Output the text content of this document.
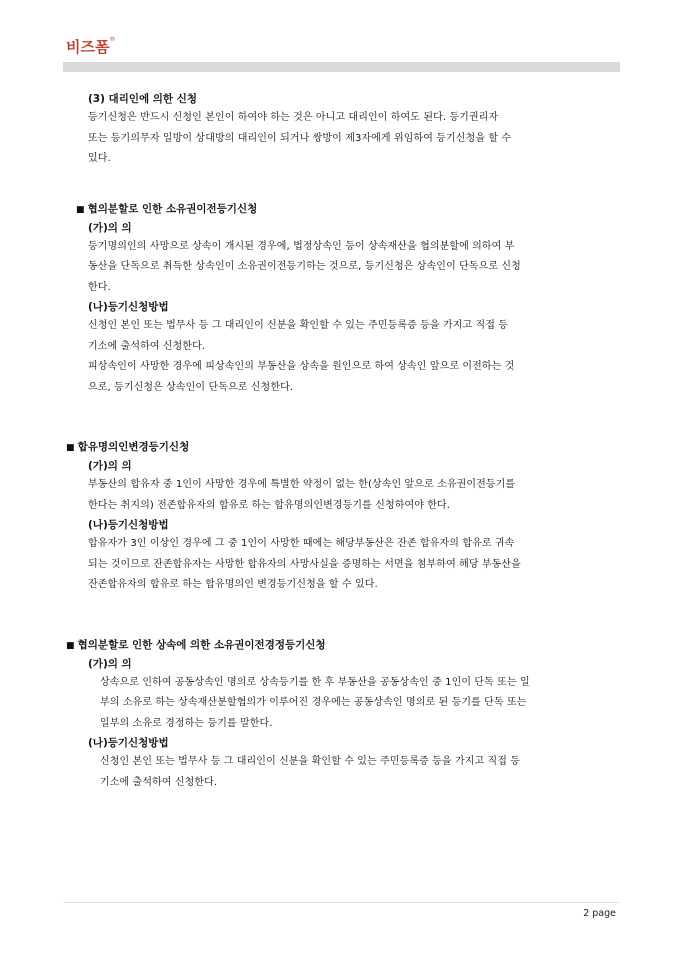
비즈폼®
(3) 대리인에 의한 신청
등기신청은 반드시 신청인 본인이 하여야 하는 것은 아니고 대리인이 하여도 된다. 등기권리자
또는 등기의무자 일방이 상대방의 대리인이 되거나 쌍방이 제3자에게 위임하여 등기신청을 할 수
있다.
■ 협의분할로 인한 소유권이전등기신청
(가)의 의
등기명의인의 사망으로 상속이 개시된 경우에, 법정상속인 등이 상속재산을 협의분할에 의하여 부
동산을 단독으로 취득한 상속인이 소유권이전등기하는 것으로, 등기신청은 상속인이 단독으로 신청
한다.
(나)등기신청방법
신청인 본인 또는 법무사 등 그 대리인이 신분을 확인할 수 있는 주민등록증 등을 가지고 직접 등
기소에 출석하여 신청한다.
피상속인이 사망한 경우에 피상속인의 부동산을 상속을 원인으로 하여 상속인 앞으로 이전하는 것
으로, 등기신청은 상속인이 단독으로 신청한다.
■ 합유명의인변경등기신청
(가)의 의
부동산의 합유자 중 1인이 사망한 경우에 특별한 약정이 없는 한(상속인 앞으로 소유권이전등기를
한다는 취지의) 전존합유자의 합유로 하는 합유명의인변경등기를 신청하여야 한다.
(나)등기신청방법
합유자가 3인 이상인 경우에 그 중 1인이 사망한 때에는 해당부동산은 잔존 합유자의 합유로 귀속
되는 것이므로 잔존합유자는 사망한 합유자의 사망사실을 증명하는 서면을 첨부하여 해당 부동산을
잔존합유자의 합유로 하는 합유명의인 변경등기신청을 할 수 있다.
■ 협의분할로 인한 상속에 의한 소유권이전경정등기신청
(가)의 의
상속으로 인하여 공동상속인 명의로 상속등기를 한 후 부동산을 공동상속인 중 1인이 단독 또는 일
부의 소유로 하는 상속재산분할협의가 이루어진 경우에는 공동상속인 명의로 된 등기를 단독 또는
일부의 소유로 경정하는 등기를 말한다.
(나)등기신청방법
신청인 본인 또는 법무사 등 그 대리인이 신분을 확인할 수 있는 주민등록증 등을 가지고 직접 등
기소에 출석하여 신청한다.
2 page
